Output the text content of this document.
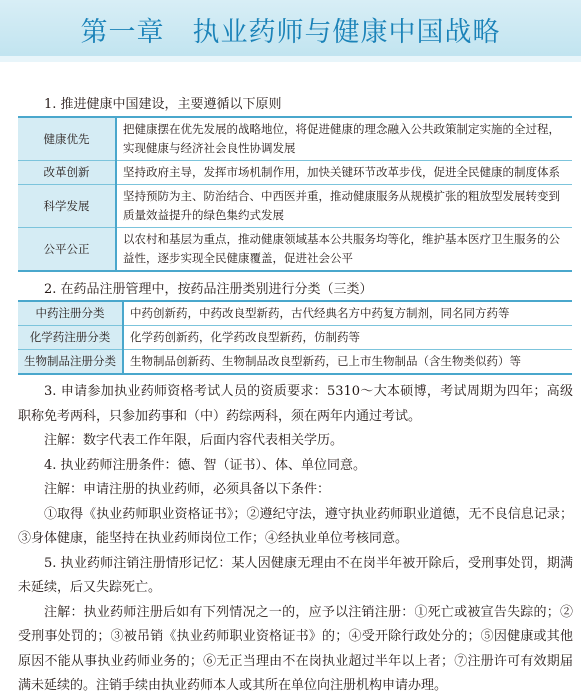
第一章　执业药师与健康中国战略
1. 推进健康中国建设，主要遵循以下原则
健康优先	把健康摆在优先发展的战略地位，将促进健康的理念融入公共政策制定实施的全过程，实现健康与经济社会良性协调发展
改革创新	坚持政府主导，发挥市场机制作用，加快关键环节改革步伐，促进全民健康的制度体系
科学发展	坚持预防为主、防治结合、中西医并重，推动健康服务从规模扩张的粗放型发展转变到质量效益提升的绿色集约式发展
公平公正	以农村和基层为重点，推动健康领域基本公共服务均等化，维护基本医疗卫生服务的公益性，逐步实现全民健康覆盖，促进社会公平
2. 在药品注册管理中，按药品注册类别进行分类（三类）
中药注册分类	中药创新药，中药改良型新药，古代经典名方中药复方制剂，同名同方药等
化学药注册分类	化学药创新药，化学药改良型新药，仿制药等
生物制品注册分类	生物制品创新药、生物制品改良型新药，已上市生物制品（含生物类似药）等

3. 申请参加执业药师资格考试人员的资质要求：5310～大本硕博，考试周期为四年；高级职称免考两科，只参加药事和（中）药综两科，须在两年内通过考试。

注解：数字代表工作年限，后面内容代表相关学历。

4. 执业药师注册条件：德、智（证书）、体、单位同意。

注解：申请注册的执业药师，必须具备以下条件：

①取得《执业药师职业资格证书》；②遵纪守法，遵守执业药师职业道德，无不良信息记录；③身体健康，能坚持在执业药师岗位工作；④经执业单位考核同意。

5. 执业药师注销注册情形记忆：某人因健康无理由不在岗半年被开除后，受刑事处罚，期满未延续，后又失踪死亡。

注解：执业药师注册后如有下列情况之一的，应予以注销注册：①死亡或被宣告失踪的；②受刑事处罚的；③被吊销《执业药师职业资格证书》的；④受开除行政处分的；⑤因健康或其他原因不能从事执业药师业务的；⑥无正当理由不在岗执业超过半年以上者；⑦注册许可有效期届满未延续的。注销手续由执业药师本人或其所在单位向注册机构申请办理。
